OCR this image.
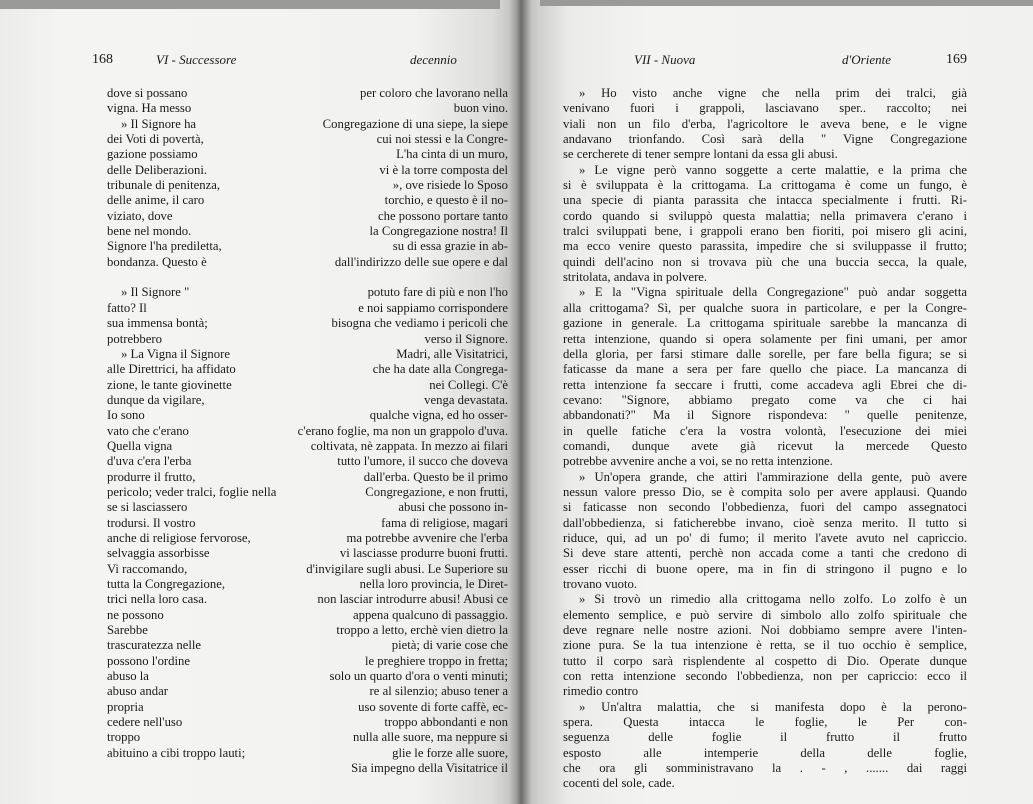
168	VI - Successore	decennio	VII - Nuova	d'Oriente	169
dove si possano
vigna. Ha messo
» Il Signore ha
dei Voti di povertà,
gazione possiamo
delle Deliberazioni.
tribunale di penitenza,
delle anime, il caro
viziato, dove
bene nel mondo.
Signore l'ha prediletta,
bondanza. Questo è

» Il Signore "
fatto? Il
sua immensa bontà;
potrebbero
» La Vigna il Signore
alle Direttrici, ha affidato
zione, le tante giovinette
dunque da vigilare,
Io sono
vato che c'erano
Quella vigna
d'uva c'era l'erba
produrre il frutto,
pericolo; veder tralci, foglie nella
se si lasciassero
trodursi. Il vostro
anche di religiose fervorose,
selvaggia assorbisse
Vi raccomando,
tutta la Congregazione,
trici nella loro casa.
ne possono
Sarebbe
trascuratezza nelle
possono l'ordine
abuso la
abuso andar
propria
cedere nell'uso
troppo
abituino a cibi troppo lauti;
per coloro che lavorano nella
buon vino.
Congregazione di una siepe, la siepe
cui noi stessi e la Congre-
L'ha cinta di un muro,
vi è la torre composta del
», ove risiede lo Sposo
torchio, e questo è il no-
che possono portare tanto
la Congregazione nostra! Il
su di essa grazie in ab-
dall'indirizzo delle sue opere e dal

potuto fare di più e non l'ho
e noi sappiamo corrispondere
bisogna che vediamo i pericoli che
verso il Signore.
Madri, alle Visitatrici,
che ha date alla Congrega-
nei Collegi. C'è
venga devastata.
qualche vigna, ed ho osser-
c'erano foglie, ma non un grappolo d'uva.
coltivata, nè zappata. In mezzo ai filari
tutto l'umore, il succo che doveva
dall'erba. Questo be il primo
Congregazione, e non frutti,
abusi che possono in-
fama di religiose, magari
ma potrebbe avvenire che l'erba
vi lasciasse produrre buoni frutti.
d'invigilare sugli abusi. Le Superiore su
nella loro provincia, le Diret-
non lasciar introdurre abusi! Abusi ce
appena qualcuno di passaggio.
troppo a letto, erchè vien dietro la
pietà; di varie cose che
le preghiere troppo in fretta;
solo un quarto d'ora o venti minuti;
re al silenzio; abuso tener a
uso sovente di forte caffè, ec-
troppo abbondanti e non
nulla alle suore, ma neppure si
glie le forze alle suore,
Sia impegno della Visitatrice il
» Ho visto anche vigne che nella prim dei tralci, già
venivano fuori i grappoli, lasciavano sper.. raccolto; nei
viali non un filo d'erba, l'agricoltore le aveva bene, e le vigne
andavano trionfando. Così sarà della " Vigne Congregazione
se cercherete di tener sempre lontani da essa gli abusi.
» Le vigne però vanno soggette a certe malattie, e la prima che
si è sviluppata è la crittogama. La crittogama è come un fungo, è
una specie di pianta parassita che intacca specialmente i frutti. Ri-
cordo quando si sviluppò questa malattia; nella primavera c'erano i
tralci sviluppati bene, i grappoli erano ben fioriti, poi misero gli acini,
ma ecco venire questo parassita, impedire che si sviluppasse il frutto;
quindi dell'acino non si trovava più che una buccia secca, la quale,
stritolata, andava in polvere.
» E la "Vigna spirituale della Congregazione" può andar soggetta
alla crittogama? Sì, per qualche suora in particolare, e per la Congre-
gazione in generale. La crittogama spirituale sarebbe la mancanza di
retta intenzione, quando si opera solamente per fini umani, per amor
della gloria, per farsi stimare dalle sorelle, per fare bella figura; se si
faticasse da mane a sera per fare quello che piace. La mancanza di
retta intenzione fa seccare i frutti, come accadeva agli Ebrei che di-
cevano: "Signore, abbiamo pregato come va che ci hai
abbandonati?" Ma il Signore rispondeva: " quelle penitenze,
in quelle fatiche c'era la vostra volontà, l'esecuzione dei miei
comandi, dunque avete già ricevut la mercede Questo
potrebbe avvenire anche a voi, se no retta intenzione.
» Un'opera grande, che attiri l'ammirazione della gente, può avere
nessun valore presso Dio, se è compita solo per avere applausi. Quando
si faticasse non secondo l'obbedienza, fuori del campo assegnatoci
dall'obbedienza, si faticherebbe invano, cioè senza merito. Il tutto si
riduce, qui, ad un po' di fumo; il merito l'avete avuto nel capriccio.
Si deve stare attenti, perchè non accada come a tanti che credono di
esser ricchi di buone opere, ma in fin di stringono il pugno e lo
trovano vuoto.
» Si trovò un rimedio alla crittogama nello zolfo. Lo zolfo è un
elemento semplice, e può servire di simbolo allo zolfo spirituale che
deve regnare nelle nostre azioni. Noi dobbiamo sempre avere l'inten-
zione pura. Se la tua intenzione è retta, se il tuo occhio è semplice,
tutto il corpo sarà risplendente al cospetto di Dio. Operate dunque
con retta intenzione secondo l'obbedienza, non per capriccio: ecco il
rimedio contro
» Un'altra malattia, che si manifesta dopo è la perono-
spera. Questa intacca le foglie, le Per con-
seguenza delle foglie il frutto il frutto
esposto alle intemperie della delle foglie,
che ora gli somministravano la . - , ....... dai raggi
cocenti del sole, cade.
